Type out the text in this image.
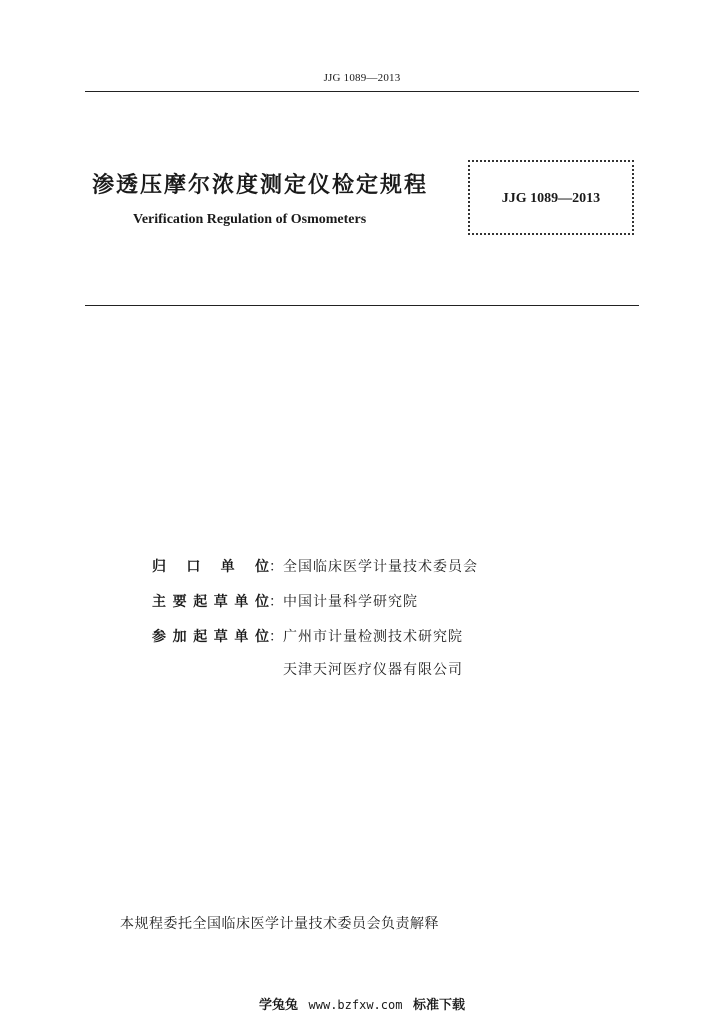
JJG 1089—2013
渗透压摩尔浓度测定仪检定规程
Verification Regulation of Osmometers
JJG 1089—2013
归 口 单 位 ： 全国临床医学计量技术委员会
主要起草单位 ： 中国计量科学研究院
参加起草单位 ： 广州市计量检测技术研究院
天津天河医疗仪器有限公司
本规程委托全国临床医学计量技术委员会负责解释
学兔兔 www.bzfxw.com 标准下载
